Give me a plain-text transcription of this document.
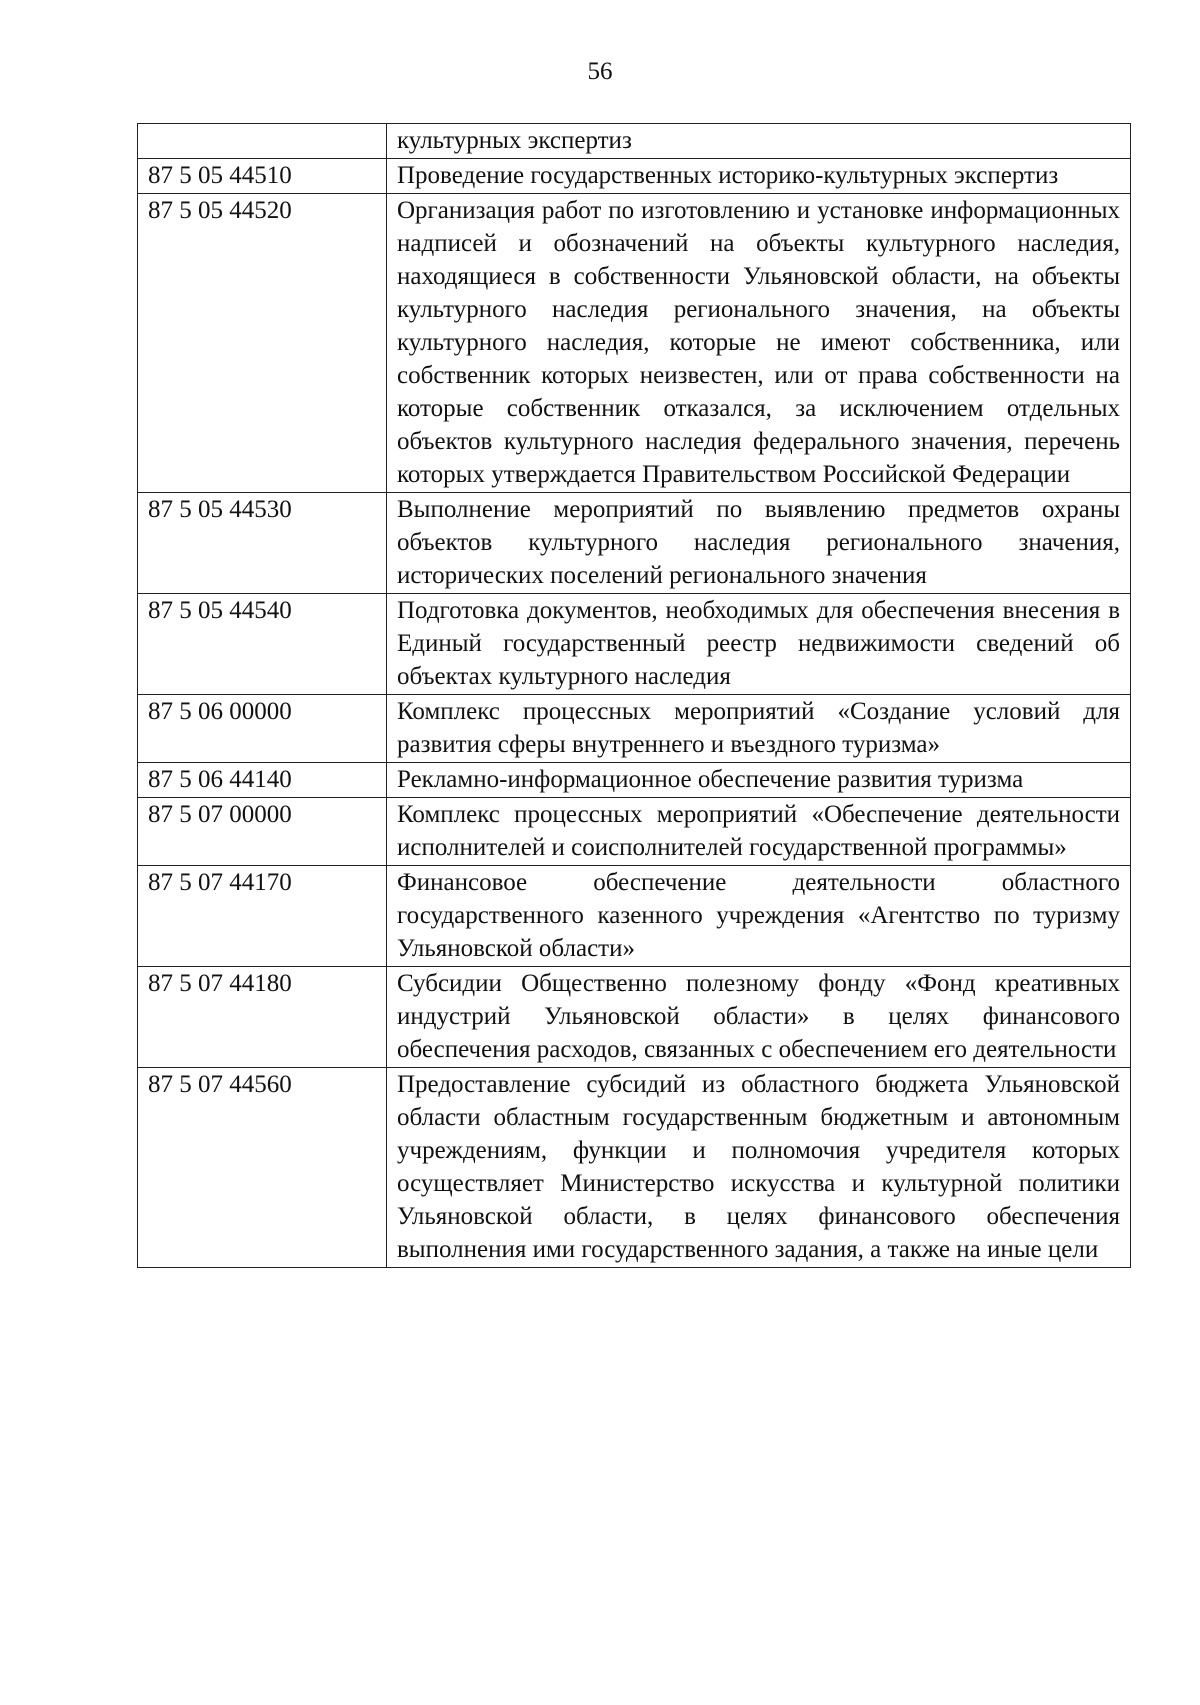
56
	культурных экспертиз
87 5 05 44510	Проведение государственных историко-культурных экспертиз
87 5 05 44520	Организация работ по изготовлению и установке информационных надписей и обозначений на объекты культурного наследия, находящиеся в собственности Ульяновской области, на объекты культурного наследия регионального значения, на объекты культурного наследия, которые не имеют собственника, или собственник которых неизвестен, или от права собственности на которые собственник отказался, за исключением отдельных объектов культурного наследия федерального значения, перечень которых утверждается Правительством Российской Федерации
87 5 05 44530	Выполнение мероприятий по выявлению предметов охраны объектов культурного наследия регионального значения, исторических поселений регионального значения
87 5 05 44540	Подготовка документов, необходимых для обеспечения внесения в Единый государственный реестр недвижимости сведений об объектах культурного наследия
87 5 06 00000	Комплекс процессных мероприятий «Создание условий для развития сферы внутреннего и въездного туризма»
87 5 06 44140	Рекламно-информационное обеспечение развития туризма
87 5 07 00000	Комплекс процессных мероприятий «Обеспечение деятельности исполнителей и соисполнителей государственной программы»
87 5 07 44170	Финансовое обеспечение деятельности областного государственного казенного учреждения «Агентство по туризму Ульяновской области»
87 5 07 44180	Субсидии Общественно полезному фонду «Фонд креативных индустрий Ульяновской области» в целях финансового обеспечения расходов, связанных с обеспечением его деятельности
87 5 07 44560	Предоставление субсидий из областного бюджета Ульяновской области областным государственным бюджетным и автономным учреждениям, функции и полномочия учредителя которых осуществляет Министерство искусства и культурной политики Ульяновской области, в целях финансового обеспечения выполнения ими государственного задания, а также на иные цели
